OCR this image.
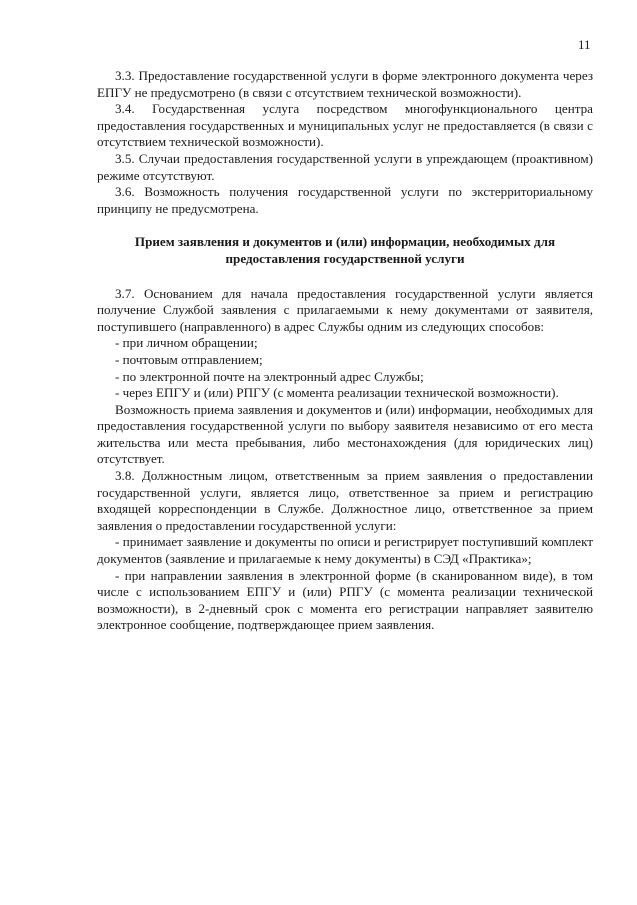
11

3.3. Предоставление государственной услуги в форме электронного документа через ЕПГУ не предусмотрено (в связи с отсутствием технической возможности).

3.4. Государственная услуга посредством многофункционального центра предоставления государственных и муниципальных услуг не предоставляется (в связи с отсутствием технической возможности).

3.5. Случаи предоставления государственной услуги в упреждающем (проактивном) режиме отсутствуют.

3.6. Возможность получения государственной услуги по экстерриториальному принципу не предусмотрена.

Прием заявления и документов и (или) информации, необходимых для предоставления государственной услуги

3.7. Основанием для начала предоставления государственной услуги является получение Службой заявления с прилагаемыми к нему документами от заявителя, поступившего (направленного) в адрес Службы одним из следующих способов:

- при личном обращении;

- почтовым отправлением;

- по электронной почте на электронный адрес Службы;

- через ЕПГУ и (или) РПГУ (с момента реализации технической возможности).

Возможность приема заявления и документов и (или) информации, необходимых для предоставления государственной услуги по выбору заявителя независимо от его места жительства или места пребывания, либо местонахождения (для юридических лиц) отсутствует.

3.8. Должностным лицом, ответственным за прием заявления о предоставлении государственной услуги, является лицо, ответственное за прием и регистрацию входящей корреспонденции в Службе. Должностное лицо, ответственное за прием заявления о предоставлении государственной услуги:

- принимает заявление и документы по описи и регистрирует поступивший комплект документов (заявление и прилагаемые к нему документы) в СЭД «Практика»;

- при направлении заявления в электронной форме (в сканированном виде), в том числе с использованием ЕПГУ и (или) РПГУ (с момента реализации технической возможности), в 2-дневный срок с момента его регистрации направляет заявителю электронное сообщение, подтверждающее прием заявления.
